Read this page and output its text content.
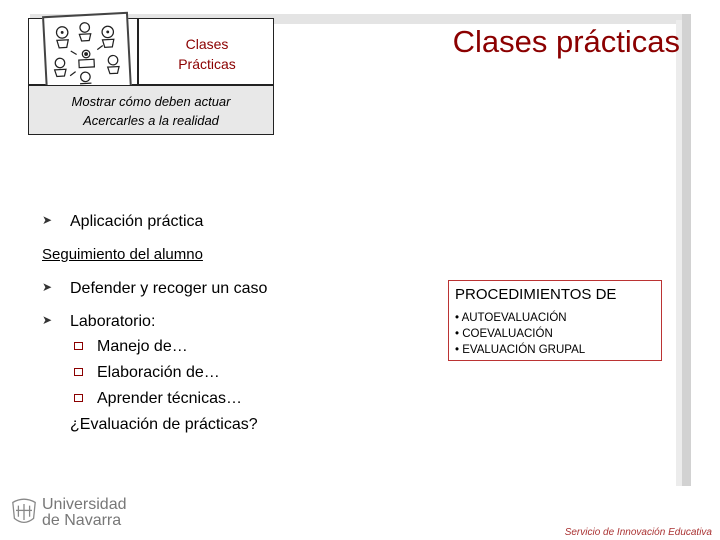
Clases
Prácticas
Clases prácticas
Mostrar cómo deben actuar
Acercarles a la realidad
➤ Aplicación práctica
Seguimiento del alumno
➤ Defender y recoger un caso
➤ Laboratorio:
Manejo de…
Elaboración de…
Aprender técnicas…
¿Evaluación de prácticas?
PROCEDIMIENTOS DE
• AUTOEVALUACIÓN
• COEVALUACIÓN
• EVALUACIÓN GRUPAL
Universidad
de Navarra
Servicio de Innovación Educativa
